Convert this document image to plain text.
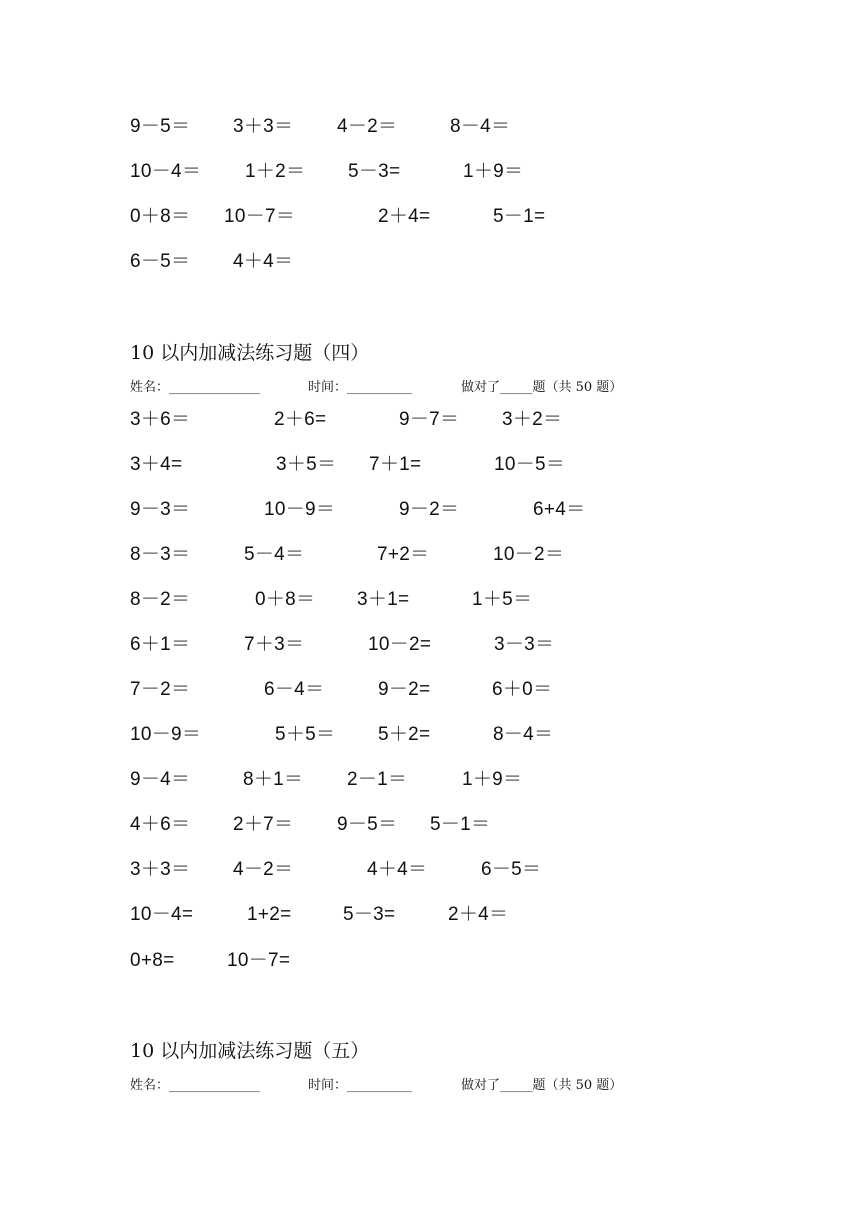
9－5＝ 3＋3＝ 4－2＝	8－4＝
10－4＝ 1＋2＝ 5－3=	1＋9＝
0＋8＝ 10－7＝	2＋4=	5－1=
6－5＝ 4＋4＝
10 以内加减法练习题（四）
姓名：______________	时间：__________	做对了_____题（共 50 题）
3＋6＝	2＋6=	9－7＝ 3＋2＝
3＋4=	3＋5＝ 7＋1=	10－5＝
9－3＝	10－9＝	9－2＝	6+4＝
8－3＝	5－4＝	7+2＝	10－2＝
8－2＝	0＋8＝ 3＋1=	1＋5＝
6＋1＝	7＋3＝	10－2=	3－3＝
7－2＝	6－4＝	9－2=	6＋0＝
10－9＝	5＋5＝ 5＋2=	8－4＝
9－4＝	8＋1＝ 2－1＝	1＋9＝
4＋6＝ 2＋7＝ 9－5＝ 5－1＝
3＋3＝ 4－2＝	4＋4＝	6－5＝
10－4=	1+2=	5－3=	2＋4＝
0+8=	10－7=
10 以内加减法练习题（五）
姓名：______________	时间：__________	做对了_____题（共 50 题）
